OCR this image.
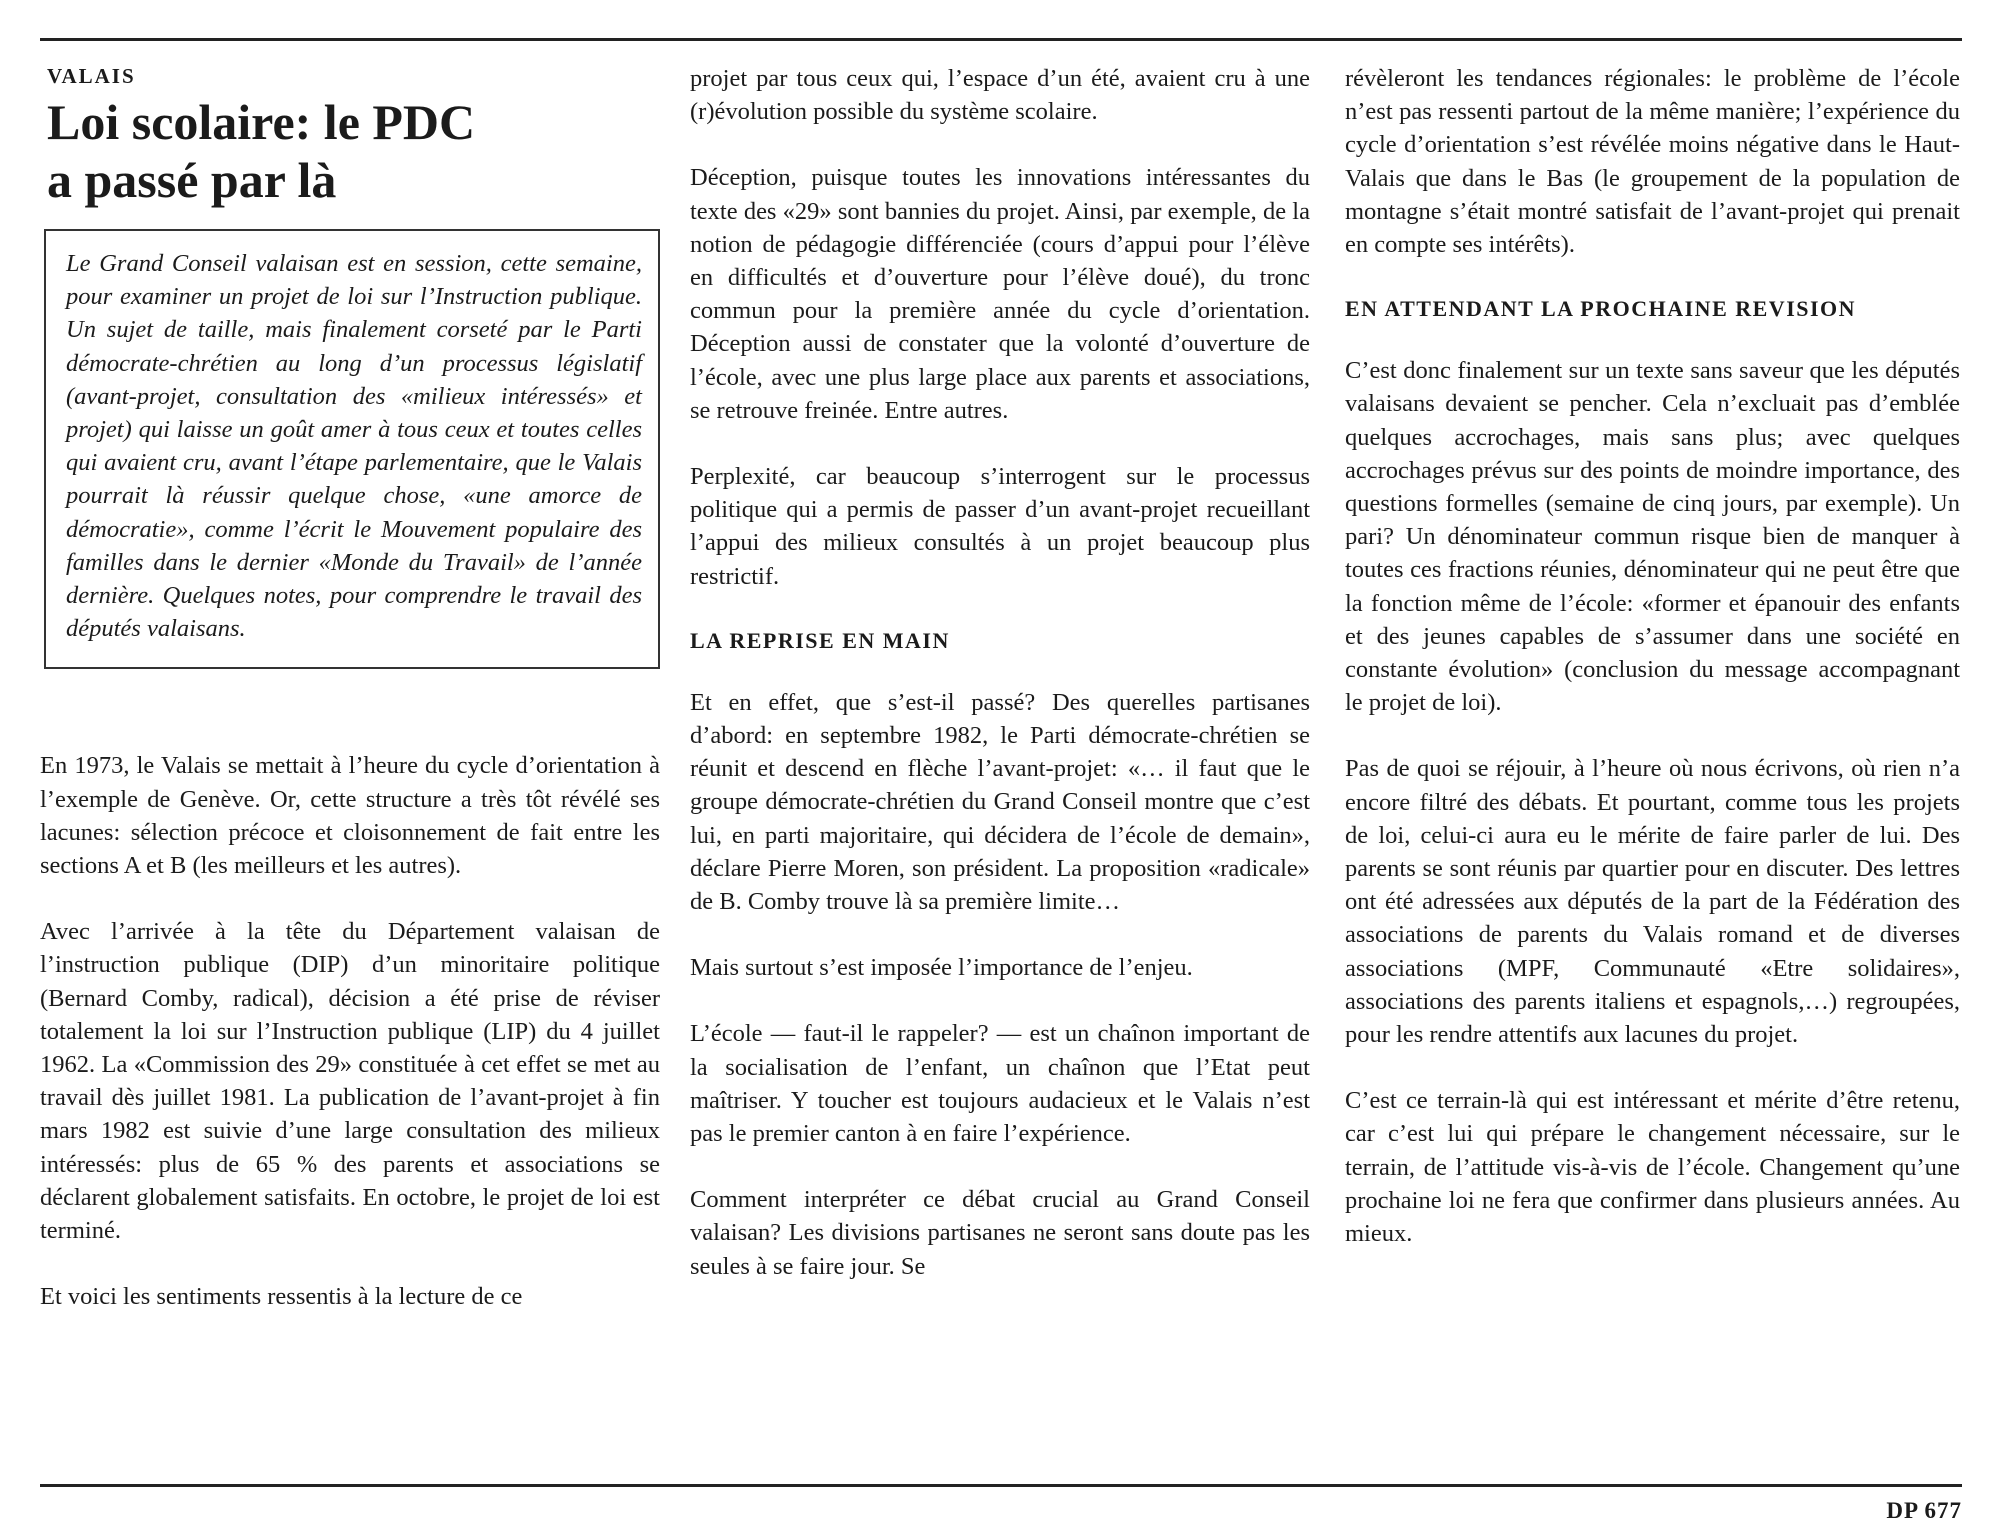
VALAIS
Loi scolaire: le PDC
a passé par là
Le Grand Conseil valaisan est en session, cette semaine, pour examiner un projet de loi sur l’Instruction publique. Un sujet de taille, mais finalement corseté par le Parti démocrate-chrétien au long d’un processus législatif (avant-projet, consultation des «milieux intéressés» et projet) qui laisse un goût amer à tous ceux et toutes celles qui avaient cru, avant l’étape parlementaire, que le Valais pourrait là réussir quelque chose, «une amorce de démocratie», comme l’écrit le Mouvement populaire des familles dans le dernier «Monde du Travail» de l’année dernière. Quelques notes, pour comprendre le travail des députés valaisans.

En 1973, le Valais se mettait à l’heure du cycle d’orientation à l’exemple de Genève. Or, cette structure a très tôt révélé ses lacunes: sélection précoce et cloisonnement de fait entre les sections A et B (les meilleurs et les autres).

Avec l’arrivée à la tête du Département valaisan de l’instruction publique (DIP) d’un minoritaire politique (Bernard Comby, radical), décision a été prise de réviser totalement la loi sur l’Instruction publique (LIP) du 4 juillet 1962. La «Commission des 29» constituée à cet effet se met au travail dès juillet 1981. La publication de l’avant-projet à fin mars 1982 est suivie d’une large consultation des milieux intéressés: plus de 65 % des parents et associations se déclarent globalement satisfaits. En octobre, le projet de loi est terminé.

Et voici les sentiments ressentis à la lecture de ce

projet par tous ceux qui, l’espace d’un été, avaient cru à une (r)évolution possible du système scolaire.

Déception, puisque toutes les innovations intéressantes du texte des «29» sont bannies du projet. Ainsi, par exemple, de la notion de pédagogie différenciée (cours d’appui pour l’élève en difficultés et d’ouverture pour l’élève doué), du tronc commun pour la première année du cycle d’orientation. Déception aussi de constater que la volonté d’ouverture de l’école, avec une plus large place aux parents et associations, se retrouve freinée. Entre autres.

Perplexité, car beaucoup s’interrogent sur le processus politique qui a permis de passer d’un avant-projet recueillant l’appui des milieux consultés à un projet beaucoup plus restrictif.

LA REPRISE EN MAIN

Et en effet, que s’est-il passé? Des querelles partisanes d’abord: en septembre 1982, le Parti démocrate-chrétien se réunit et descend en flèche l’avant-projet: «… il faut que le groupe démocrate-chrétien du Grand Conseil montre que c’est lui, en parti majoritaire, qui décidera de l’école de demain», déclare Pierre Moren, son président. La proposition «radicale» de B. Comby trouve là sa première limite…

Mais surtout s’est imposée l’importance de l’enjeu.

L’école — faut-il le rappeler? — est un chaînon important de la socialisation de l’enfant, un chaînon que l’Etat peut maîtriser. Y toucher est toujours audacieux et le Valais n’est pas le premier canton à en faire l’expérience.

Comment interpréter ce débat crucial au Grand Conseil valaisan? Les divisions partisanes ne seront sans doute pas les seules à se faire jour. Se

révèleront les tendances régionales: le problème de l’école n’est pas ressenti partout de la même manière; l’expérience du cycle d’orientation s’est révélée moins négative dans le Haut-Valais que dans le Bas (le groupement de la population de montagne s’était montré satisfait de l’avant-projet qui prenait en compte ses intérêts).

EN ATTENDANT LA PROCHAINE REVISION

C’est donc finalement sur un texte sans saveur que les députés valaisans devaient se pencher. Cela n’excluait pas d’emblée quelques accrochages, mais sans plus; avec quelques accrochages prévus sur des points de moindre importance, des questions formelles (semaine de cinq jours, par exemple). Un pari? Un dénominateur commun risque bien de manquer à toutes ces fractions réunies, dénominateur qui ne peut être que la fonction même de l’école: «former et épanouir des enfants et des jeunes capables de s’assumer dans une société en constante évolution» (conclusion du message accompagnant le projet de loi).

Pas de quoi se réjouir, à l’heure où nous écrivons, où rien n’a encore filtré des débats. Et pourtant, comme tous les projets de loi, celui-ci aura eu le mérite de faire parler de lui. Des parents se sont réunis par quartier pour en discuter. Des lettres ont été adressées aux députés de la part de la Fédération des associations de parents du Valais romand et de diverses associations (MPF, Communauté «Etre solidaires», associations des parents italiens et espagnols,…) regroupées, pour les rendre attentifs aux lacunes du projet.

C’est ce terrain-là qui est intéressant et mérite d’être retenu, car c’est lui qui prépare le changement nécessaire, sur le terrain, de l’attitude vis-à-vis de l’école. Changement qu’une prochaine loi ne fera que confirmer dans plusieurs années. Au mieux.

DP 677
